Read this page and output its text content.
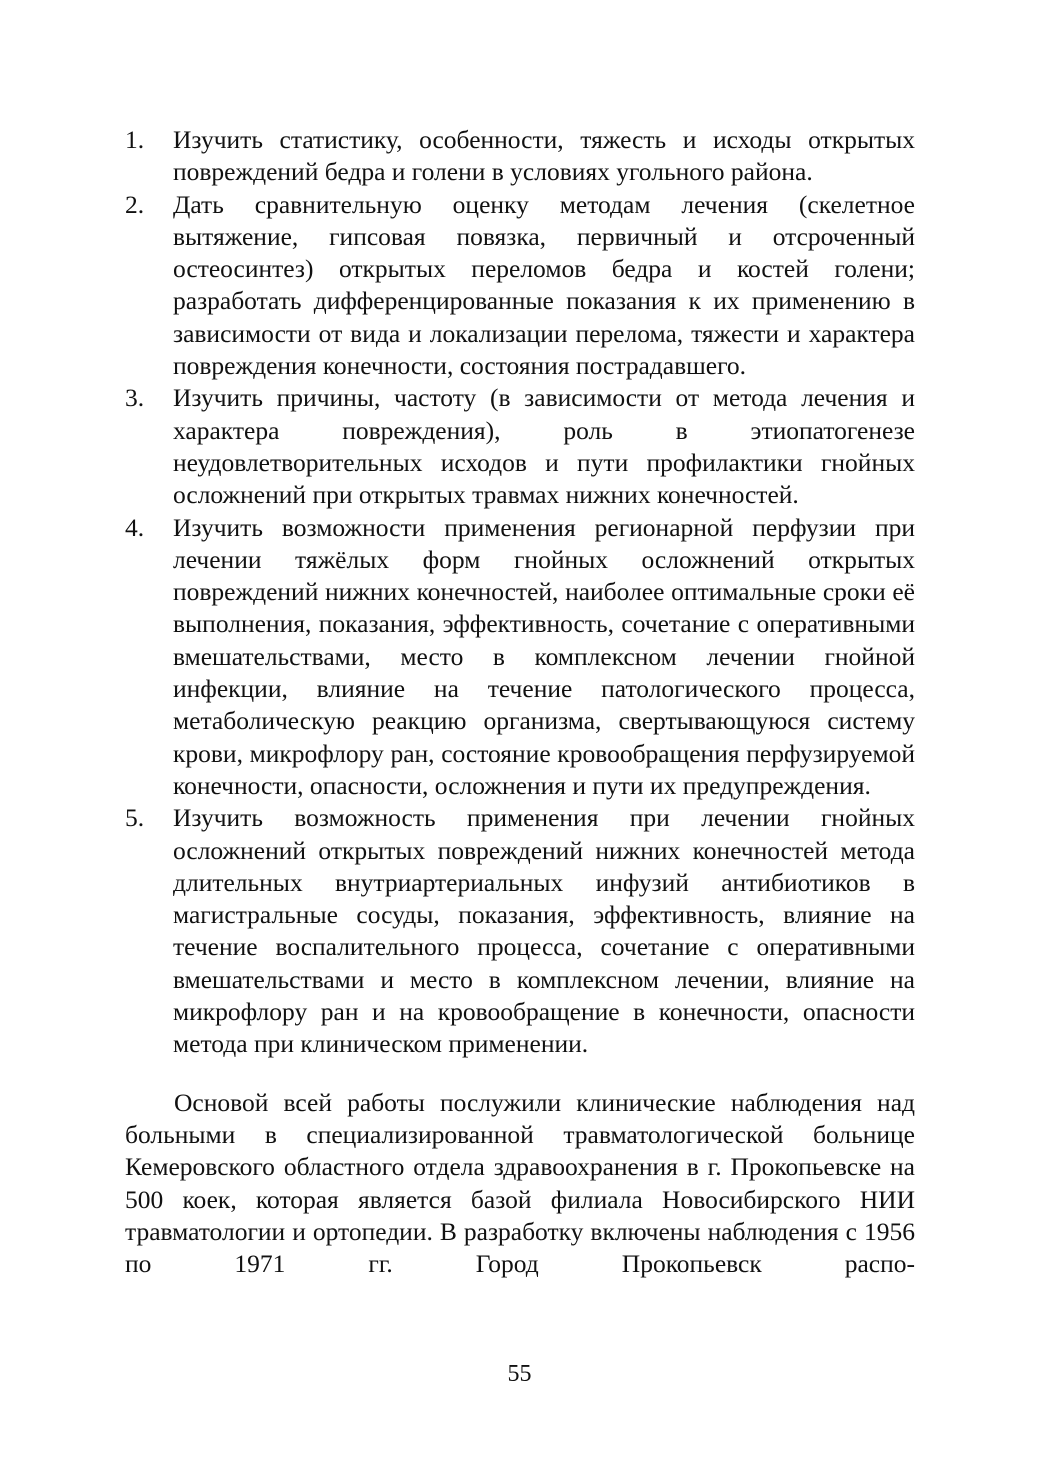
1.	Изучить статистику, особенности, тяжесть и исходы открытых повреждений бедра и голени в условиях угольного района.
2.	Дать сравнительную оценку методам лечения (скелетное вытяжение, гипсовая повязка, первичный и отсроченный остеосинтез) открытых переломов бедра и костей голени; разработать дифференцированные показания к их применению в зависимости от вида и локализации перелома, тяжести и характера повреждения конечности, состояния пострадавшего.
3.	Изучить причины, частоту (в зависимости от метода лечения и характера повреждения), роль в этиопатогенезе неудовлетворительных исходов и пути профилактики гнойных осложнений при открытых травмах нижних конечностей.
4.	Изучить возможности применения регионарной перфузии при лечении тяжёлых форм гнойных осложнений открытых повреждений нижних конечностей, наиболее оптимальные сроки её выполнения, показания, эффективность, сочетание с оперативными вмешательствами, место в комплексном лечении гнойной инфекции, влияние на течение патологического процесса, метаболическую реакцию организма, свертывающуюся систему крови, микрофлору ран, состояние кровообращения перфузируемой конечности, опасности, осложнения и пути их предупреждения.
5.	Изучить возможность применения при лечении гнойных осложнений открытых повреждений нижних конечностей метода длительных внутриартериальных инфузий антибиотиков в магистральные сосуды, показания, эффективность, влияние на течение воспалительного процесса, сочетание с оперативными вмешательствами и место в комплексном лечении, влияние на микрофлору ран и на кровообращение в конечности, опасности метода при клиническом применении.

Основой всей работы послужили клинические наблюдения над больными в специализированной травматологической больнице Кемеровского областного отдела здравоохранения в г. Прокопьевске на 500 коек, которая является базой филиала Новосибирского НИИ травматологии и ортопедии. В разработку включены наблюдения с 1956 по 1971 гг. Город Прокопьевск распо-

55
